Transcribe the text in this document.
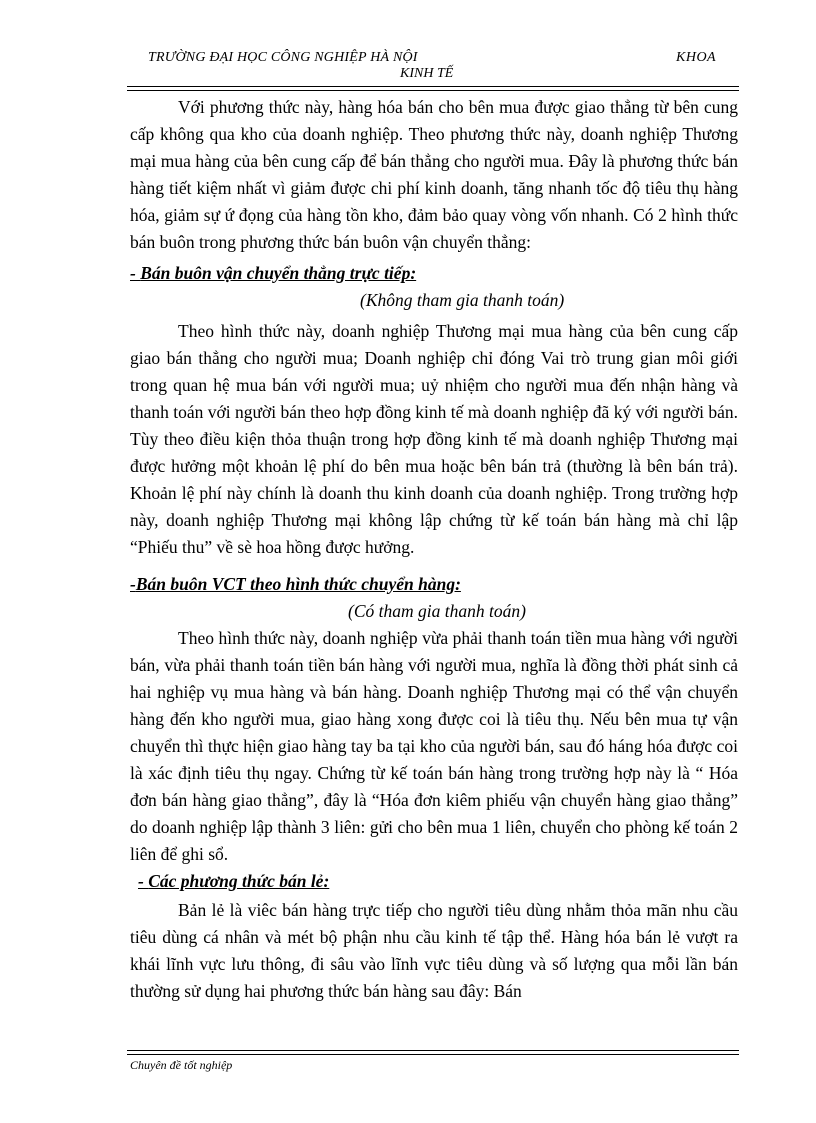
TRƯỜNG ĐẠI HỌC CÔNG NGHIỆP HÀ NỘI
KINH TẾ
KHOA

Với phương thức này, hàng hóa bán cho bên mua được giao thẳng từ bên cung cấp không qua kho của doanh nghiệp. Theo phương thức này, doanh nghiệp Thương mại mua hàng của bên cung cấp để bán thẳng cho người mua. Đây là phương thức bán hàng tiết kiệm nhất vì giảm được chi phí kinh doanh, tăng nhanh tốc độ tiêu thụ hàng hóa, giảm sự ứ đọng của hàng tồn kho, đảm bảo quay vòng vốn nhanh. Có 2 hình thức bán buôn trong phương thức bán buôn vận chuyển thẳng:

- Bán buôn vận chuyển thẳng trực tiếp:

(Không tham gia thanh toán)

Theo hình thức này, doanh nghiệp Thương mại mua hàng của bên cung cấp giao bán thẳng cho người mua; Doanh nghiệp chỉ đóng Vai trò trung gian môi giới trong quan hệ mua bán với người mua; uỷ nhiệm cho người mua đến nhận hàng và thanh toán với người bán theo hợp đồng kinh tế mà doanh nghiệp đã ký với người bán. Tùy theo điều kiện thỏa thuận trong hợp đồng kinh tế mà doanh nghiệp Thương mại được hưởng một khoản lệ phí do bên mua hoặc bên bán trả (thường là bên bán trả). Khoản lệ phí này chính là doanh thu kinh doanh của doanh nghiệp. Trong trường hợp này, doanh nghiệp Thương mại không lập chứng từ kế toán bán hàng mà chỉ lập “Phiếu thu” về sè hoa hồng được hưởng.

-Bán buôn VCT theo hình thức chuyển hàng:

(Có tham gia thanh toán)

Theo hình thức này, doanh nghiệp vừa phải thanh toán tiền mua hàng với người bán, vừa phải thanh toán tiền bán hàng với người mua, nghĩa là đồng thời phát sinh cả hai nghiệp vụ mua hàng và bán hàng. Doanh nghiệp Thương mại có thể vận chuyển hàng đến kho người mua, giao hàng xong được coi là tiêu thụ. Nếu bên mua tự vận chuyển thì thực hiện giao hàng tay ba tại kho của người bán, sau đó háng hóa được coi là xác định tiêu thụ ngay. Chứng từ kế toán bán hàng trong trường hợp này là “ Hóa đơn bán hàng giao thẳng”, đây là “Hóa đơn kiêm phiếu vận chuyển hàng giao thẳng” do doanh nghiệp lập thành 3 liên: gửi cho bên mua 1 liên, chuyển cho phòng kế toán 2 liên để ghi sổ.

- Các phương thức bán lẻ:

Bản lẻ là viêc bán hàng trực tiếp cho người tiêu dùng nhằm thỏa mãn nhu cầu tiêu dùng cá nhân và mét bộ phận nhu cầu kinh tế tập thể. Hàng hóa bán lẻ vượt ra khái lĩnh vực lưu thông, đi sâu vào lĩnh vực tiêu dùng và số lượng qua mỗi lần bán thường sử dụng hai phương thức bán hàng sau đây: Bán

Chuyên đề tốt nghiệp
